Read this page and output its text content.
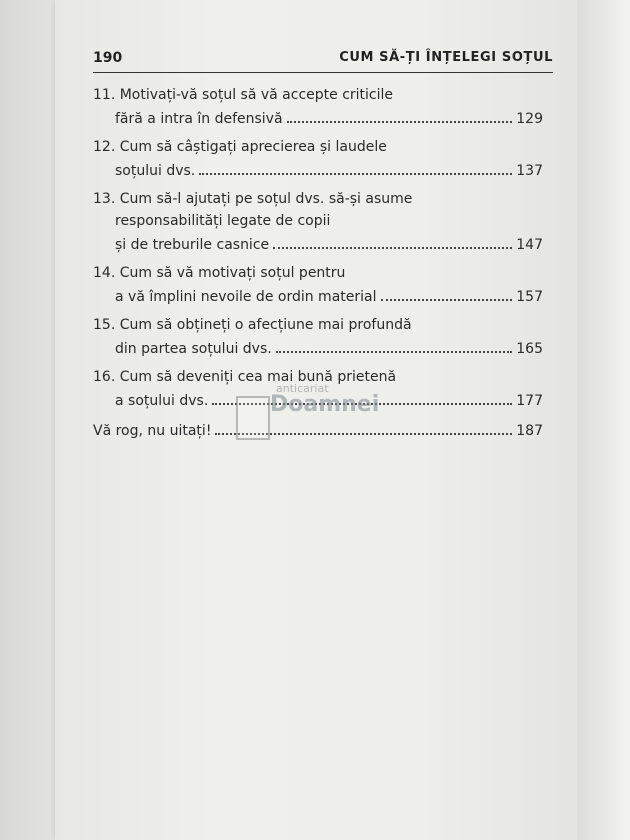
190	CUM SĂ-ȚI ÎNȚELEGI SOȚUL
11. Motivați-vă soțul să vă accepte criticile
fără a intra în defensivă	129
12. Cum să câștigați aprecierea și laudele
soțului dvs.	137
13. Cum să-l ajutați pe soțul dvs. să-și asume
responsabilități legate de copii
și de treburile casnice	147
14. Cum să vă motivați soțul pentru
a vă împlini nevoile de ordin material	157
15. Cum să obțineți o afecțiune mai profundă
din partea soțului dvs.	165
16. Cum să deveniți cea mai bună prietenă
a soțului dvs.	177
Vă rog, nu uitați!	187
anticariat
Doamnei
